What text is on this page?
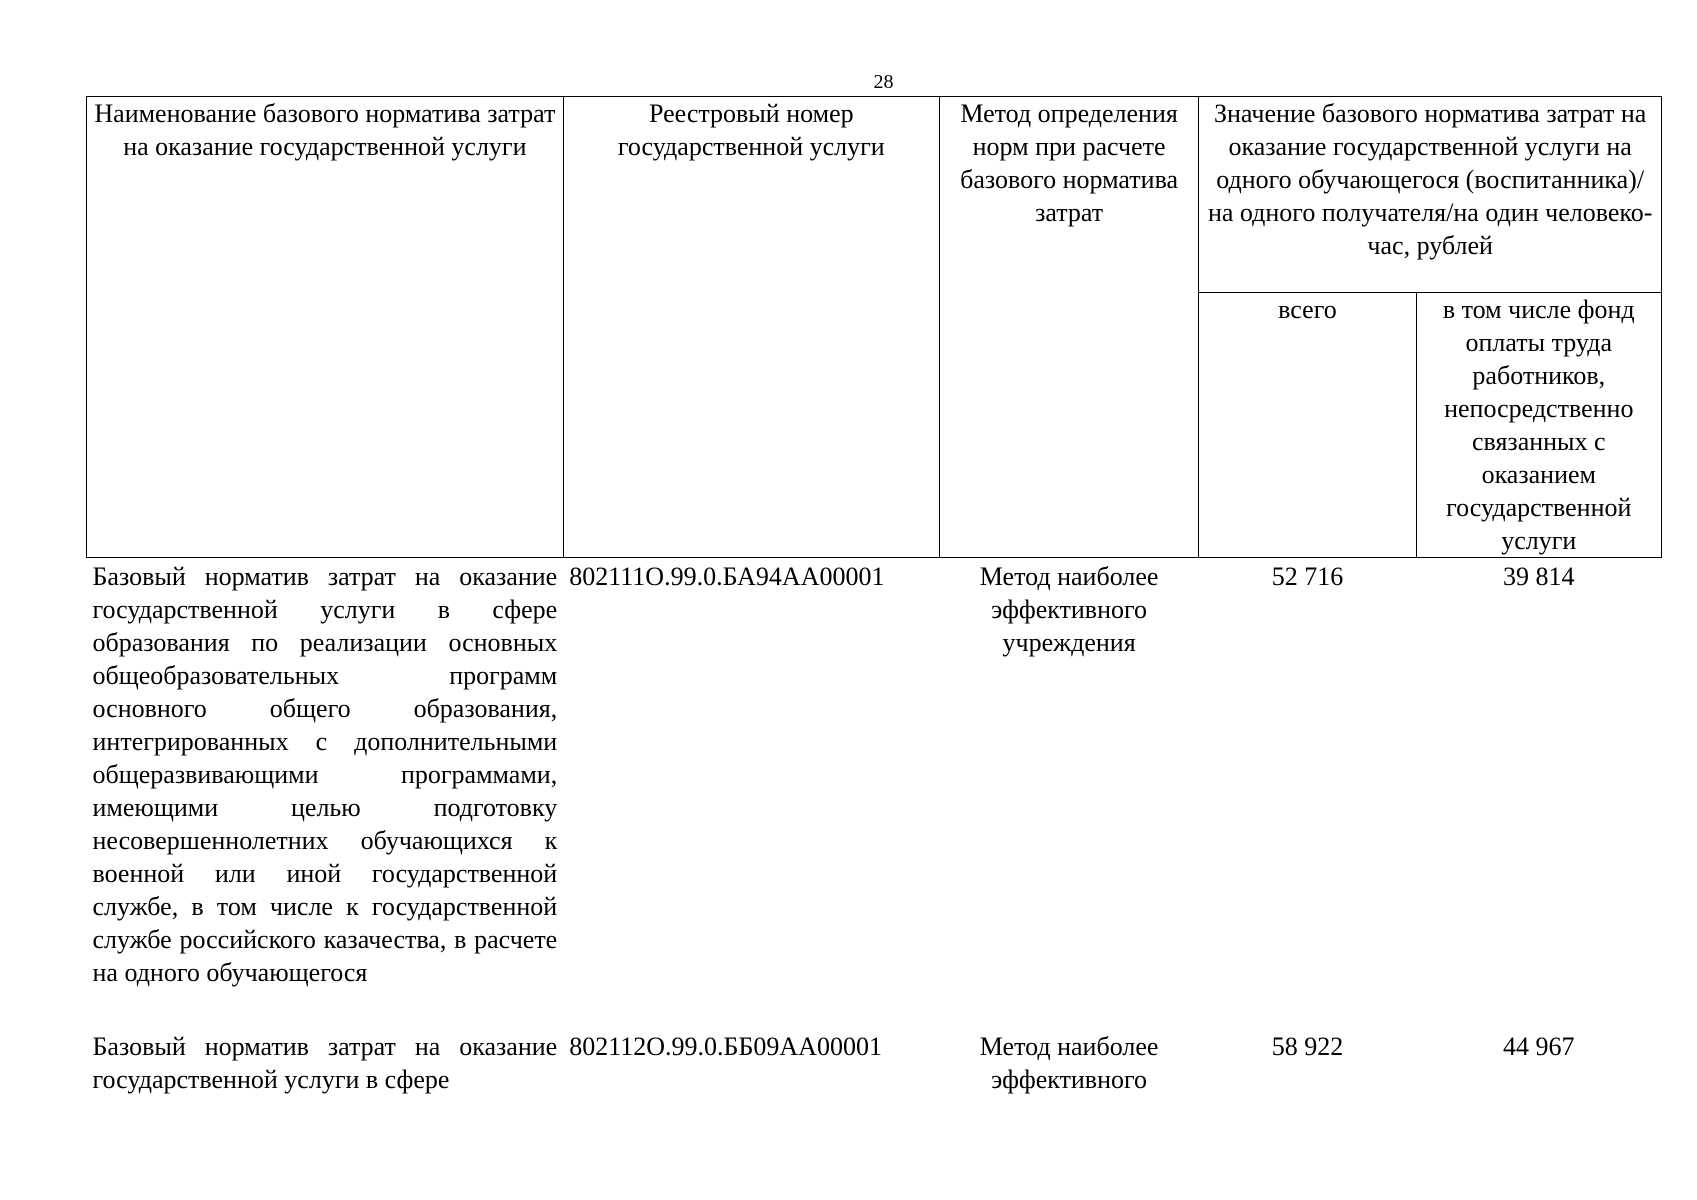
28
Наименование базового норматива затрат на оказание государственной услуги	Реестровый номер государственной услуги	Метод определения норм при расчете базового норматива затрат	Значение базового норматива затрат на оказание государственной услуги на одного обучающегося (воспитанника)/на одного получателя/на один человеко-час, рублей	
			всего	в том числе фонд оплаты труда работников, непосредственно связанных с оказанием государственной услуги
Базовый норматив затрат на оказание государственной услуги в сфере образования по реализации основных общеобразовательных программ основного общего образования, интегрированных с дополнительными общеразвивающими программами, имеющими целью подготовку несовершеннолетних обучающихся к военной или иной государственной службе, в том числе к государственной службе российского казачества, в расчете на одного обучающегося	802111О.99.0.БА94АА00001	Метод наиболее эффективного учреждения	52 716	39 814
Базовый норматив затрат на оказание государственной услуги в сфере	802112О.99.0.ББ09АА00001	Метод наиболее эффективного	58 922	44 967
